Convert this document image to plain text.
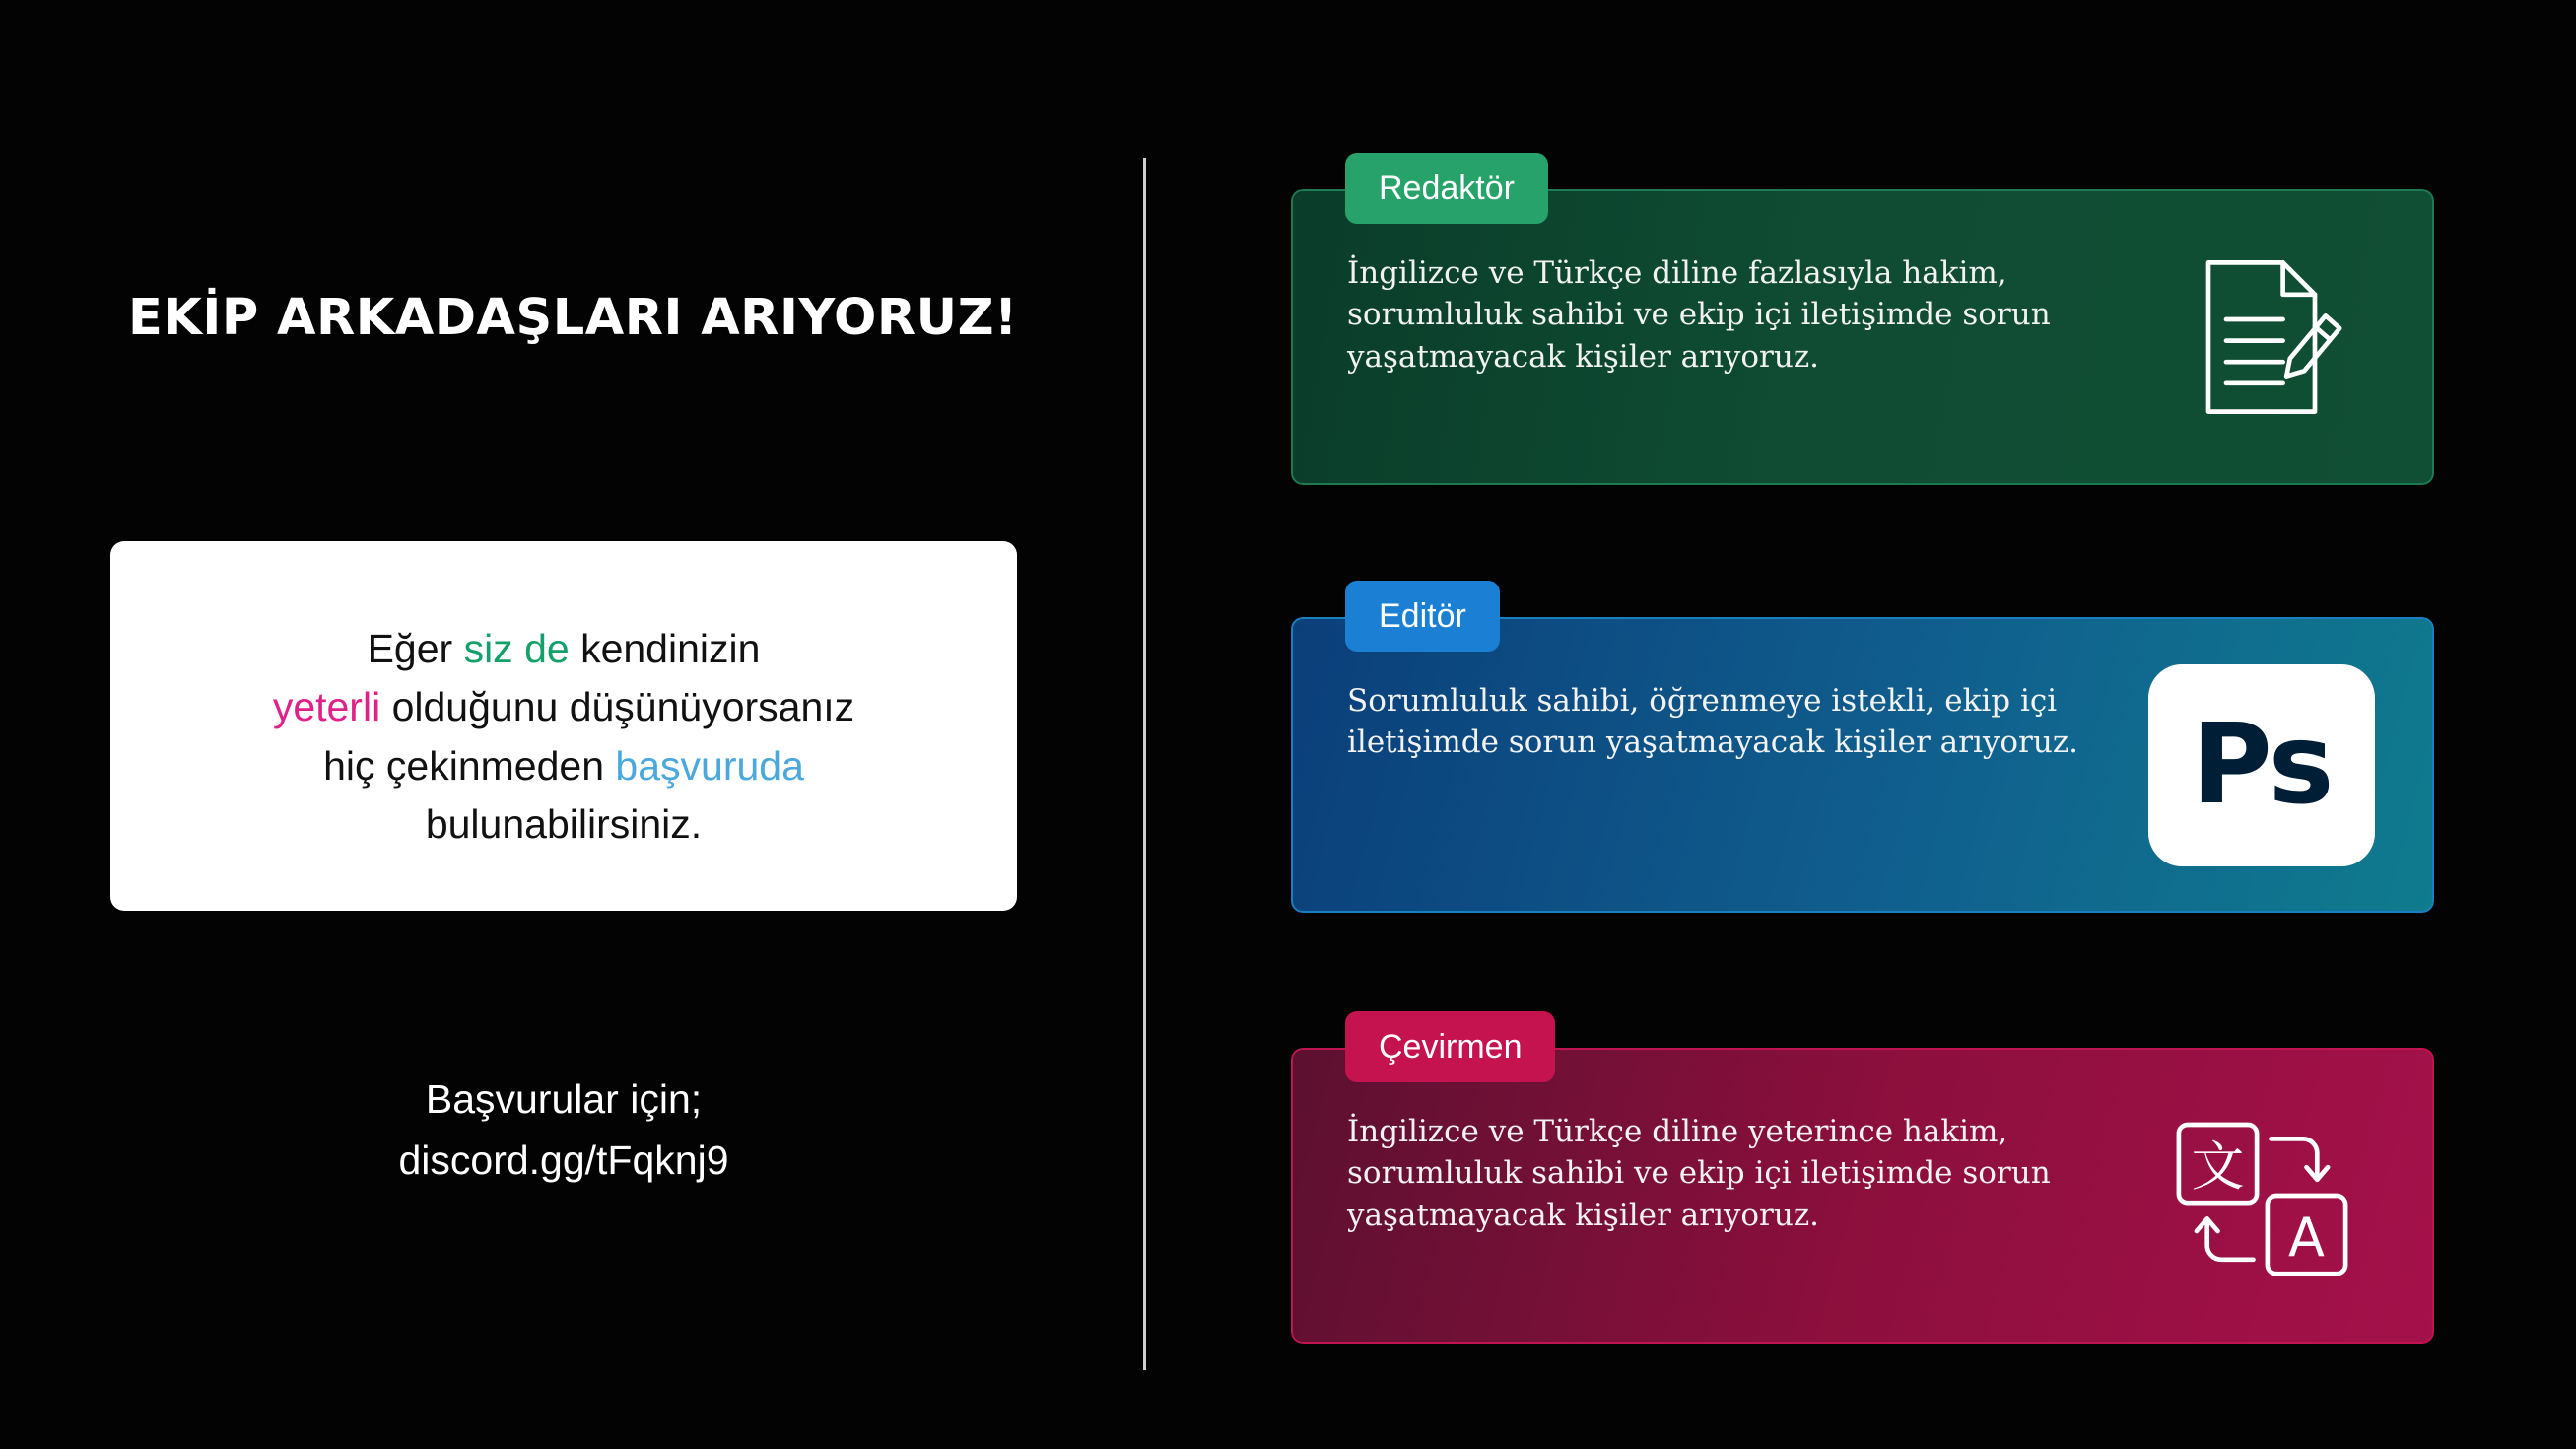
EKİP ARKADAŞLARI ARIYORUZ!
Eğer siz de kendinizin
yeterli olduğunu düşünüyorsanız
hiç çekinmeden başvuruda
bulunabilirsiniz.
Başvurular için;
discord.gg/tFqknj9
Redaktör
İngilizce ve Türkçe diline fazlasıyla hakim, sorumluluk sahibi ve ekip içi iletişimde sorun yaşatmayacak kişiler arıyoruz.
Editör
Sorumluluk sahibi, öğrenmeye istekli, ekip içi iletişimde sorun yaşatmayacak kişiler arıyoruz.	Ps
Çevirmen
İngilizce ve Türkçe diline yeterince hakim, sorumluluk sahibi ve ekip içi iletişimde sorun yaşatmayacak kişiler arıyoruz.
文
A
